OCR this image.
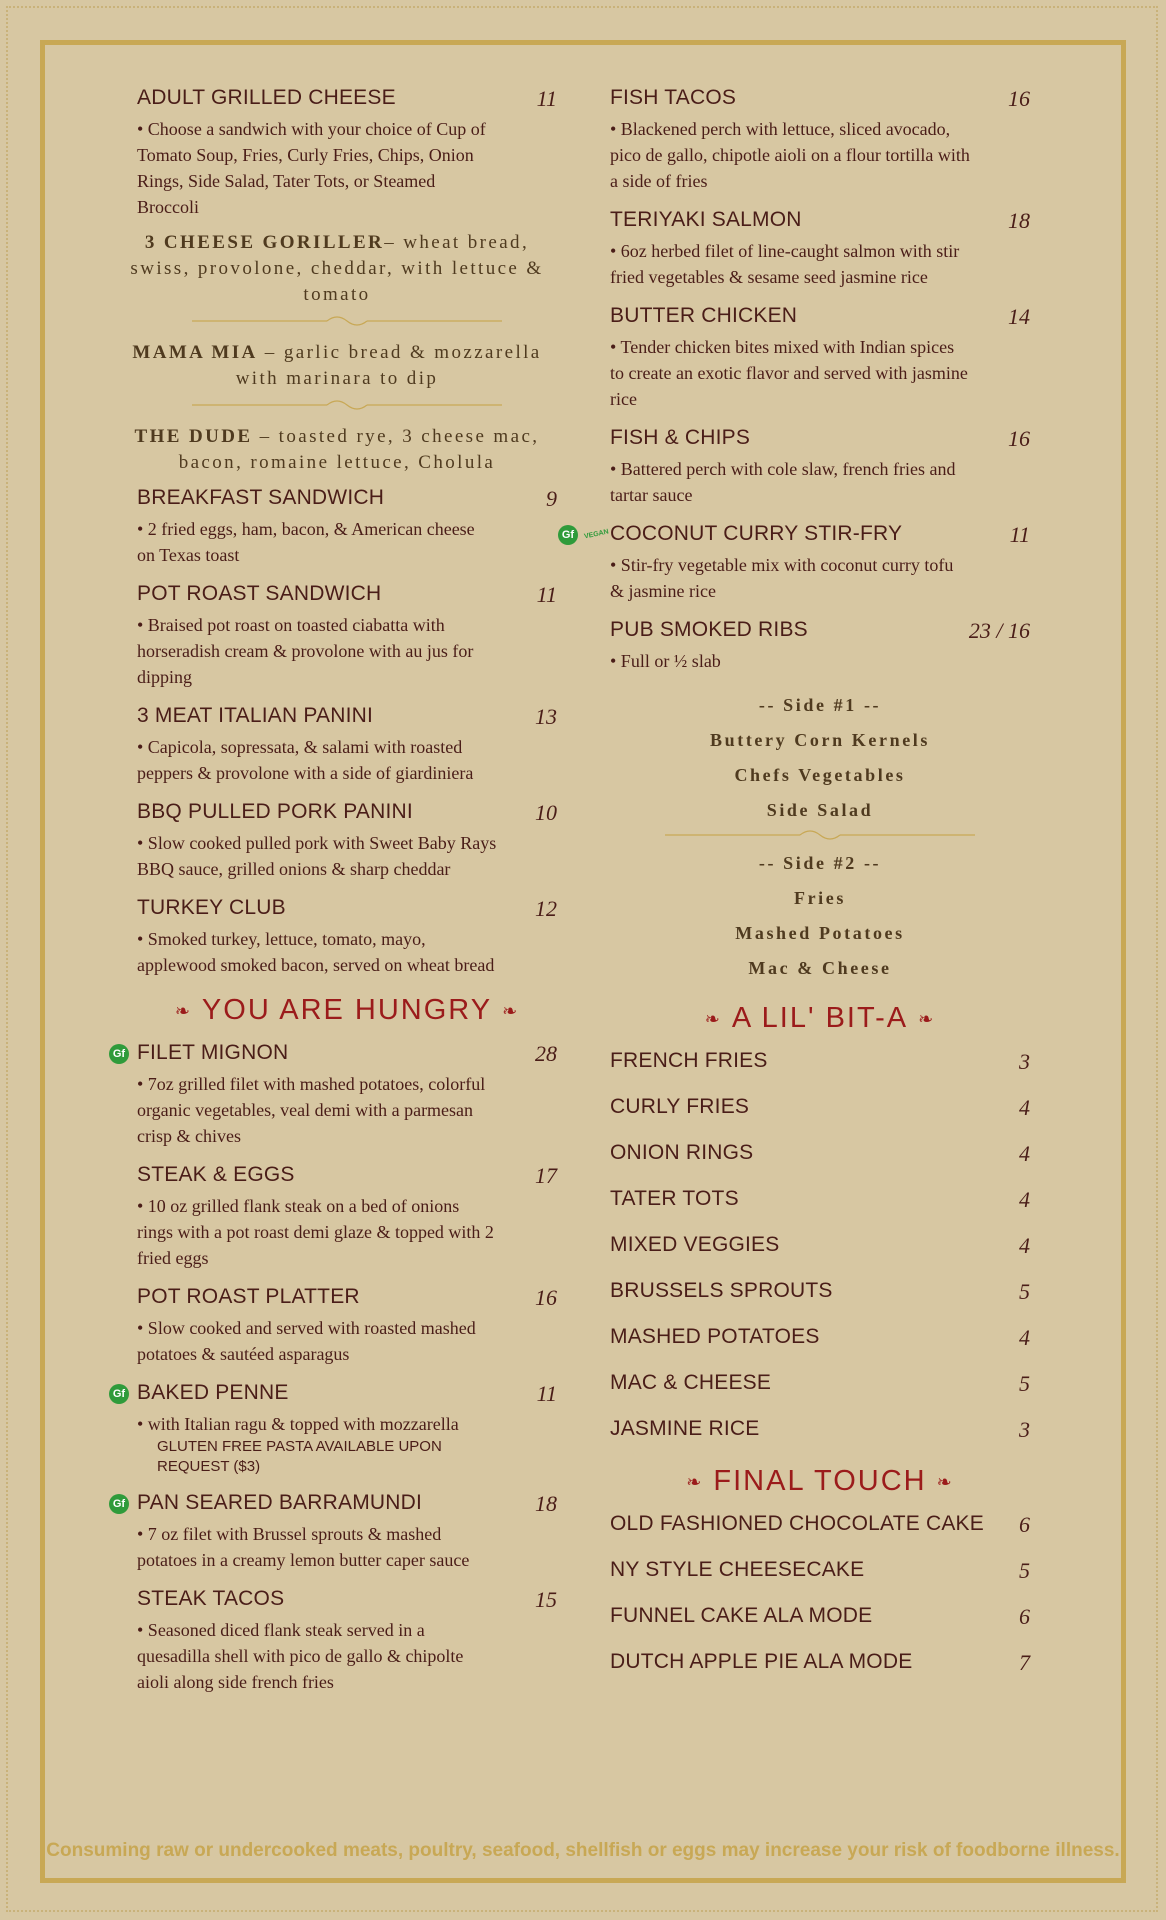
ADULT GRILLED CHEESE	11
• Choose a sandwich with your choice of Cup of Tomato Soup, Fries, Curly Fries, Chips, Onion Rings, Side Salad, Tater Tots, or Steamed Broccoli
3 CHEESE GORILLER– wheat bread, swiss, provolone, cheddar, with lettuce & tomato
MAMA MIA – garlic bread & mozzarella with marinara to dip
THE DUDE – toasted rye, 3 cheese mac, bacon, romaine lettuce, Cholula
BREAKFAST SANDWICH	9
• 2 fried eggs, ham, bacon, & American cheese on Texas toast
POT ROAST SANDWICH	11
• Braised pot roast on toasted ciabatta with horseradish cream & provolone with au jus for dipping
3 MEAT ITALIAN PANINI	13
• Capicola, sopressata, & salami with roasted peppers & provolone with a side of giardiniera
BBQ PULLED PORK PANINI	10
• Slow cooked pulled pork with Sweet Baby Rays BBQ sauce, grilled onions & sharp cheddar
TURKEY CLUB	12
• Smoked turkey, lettuce, tomato, mayo, applewood smoked bacon, served on wheat bread
❧ YOU ARE HUNGRY ❧
Gf FILET MIGNON	28
• 7oz grilled filet with mashed potatoes, colorful organic vegetables, veal demi with a parmesan crisp & chives
STEAK & EGGS	17
• 10 oz grilled flank steak on a bed of onions rings with a pot roast demi glaze & topped with 2 fried eggs
POT ROAST PLATTER	16
• Slow cooked and served with roasted mashed potatoes & sautéed asparagus
Gf BAKED PENNE	11
• with Italian ragu & topped with mozzarella
GLUTEN FREE PASTA AVAILABLE UPON REQUEST ($3)
Gf PAN SEARED BARRAMUNDI	18
• 7 oz filet with Brussel sprouts & mashed potatoes in a creamy lemon butter caper sauce
STEAK TACOS	15
• Seasoned diced flank steak served in a quesadilla shell with pico de gallo & chipolte aioli along side french fries
FISH TACOS	16
• Blackened perch with lettuce, sliced avocado, pico de gallo, chipotle aioli on a flour tortilla with a side of fries
TERIYAKI SALMON	18
• 6oz herbed filet of line-caught salmon with stir fried vegetables & sesame seed jasmine rice
BUTTER CHICKEN	14
• Tender chicken bites mixed with Indian spices to create an exotic flavor and served with jasmine rice
FISH & CHIPS	16
• Battered perch with cole slaw, french fries and tartar sauce
Gf	VEGAN COCONUT CURRY STIR-FRY	11
• Stir-fry vegetable mix with coconut curry tofu & jasmine rice
PUB SMOKED RIBS	23 / 16
• Full or ½ slab
-- Side #1 --
Buttery Corn Kernels
Chefs Vegetables
Side Salad
-- Side #2 --
Fries
Mashed Potatoes
Mac & Cheese
❧ A LIL' BIT-A ❧
FRENCH FRIES	3
CURLY FRIES	4
ONION RINGS	4
TATER TOTS	4
MIXED VEGGIES	4
BRUSSELS SPROUTS	5
MASHED POTATOES	4
MAC & CHEESE	5
JASMINE RICE	3
❧ FINAL TOUCH ❧
OLD FASHIONED CHOCOLATE CAKE 6
NY STYLE CHEESECAKE	5
FUNNEL CAKE ALA MODE	6
DUTCH APPLE PIE ALA MODE	7
Consuming raw or undercooked meats, poultry, seafood, shellfish or eggs may increase your risk of foodborne illness.
